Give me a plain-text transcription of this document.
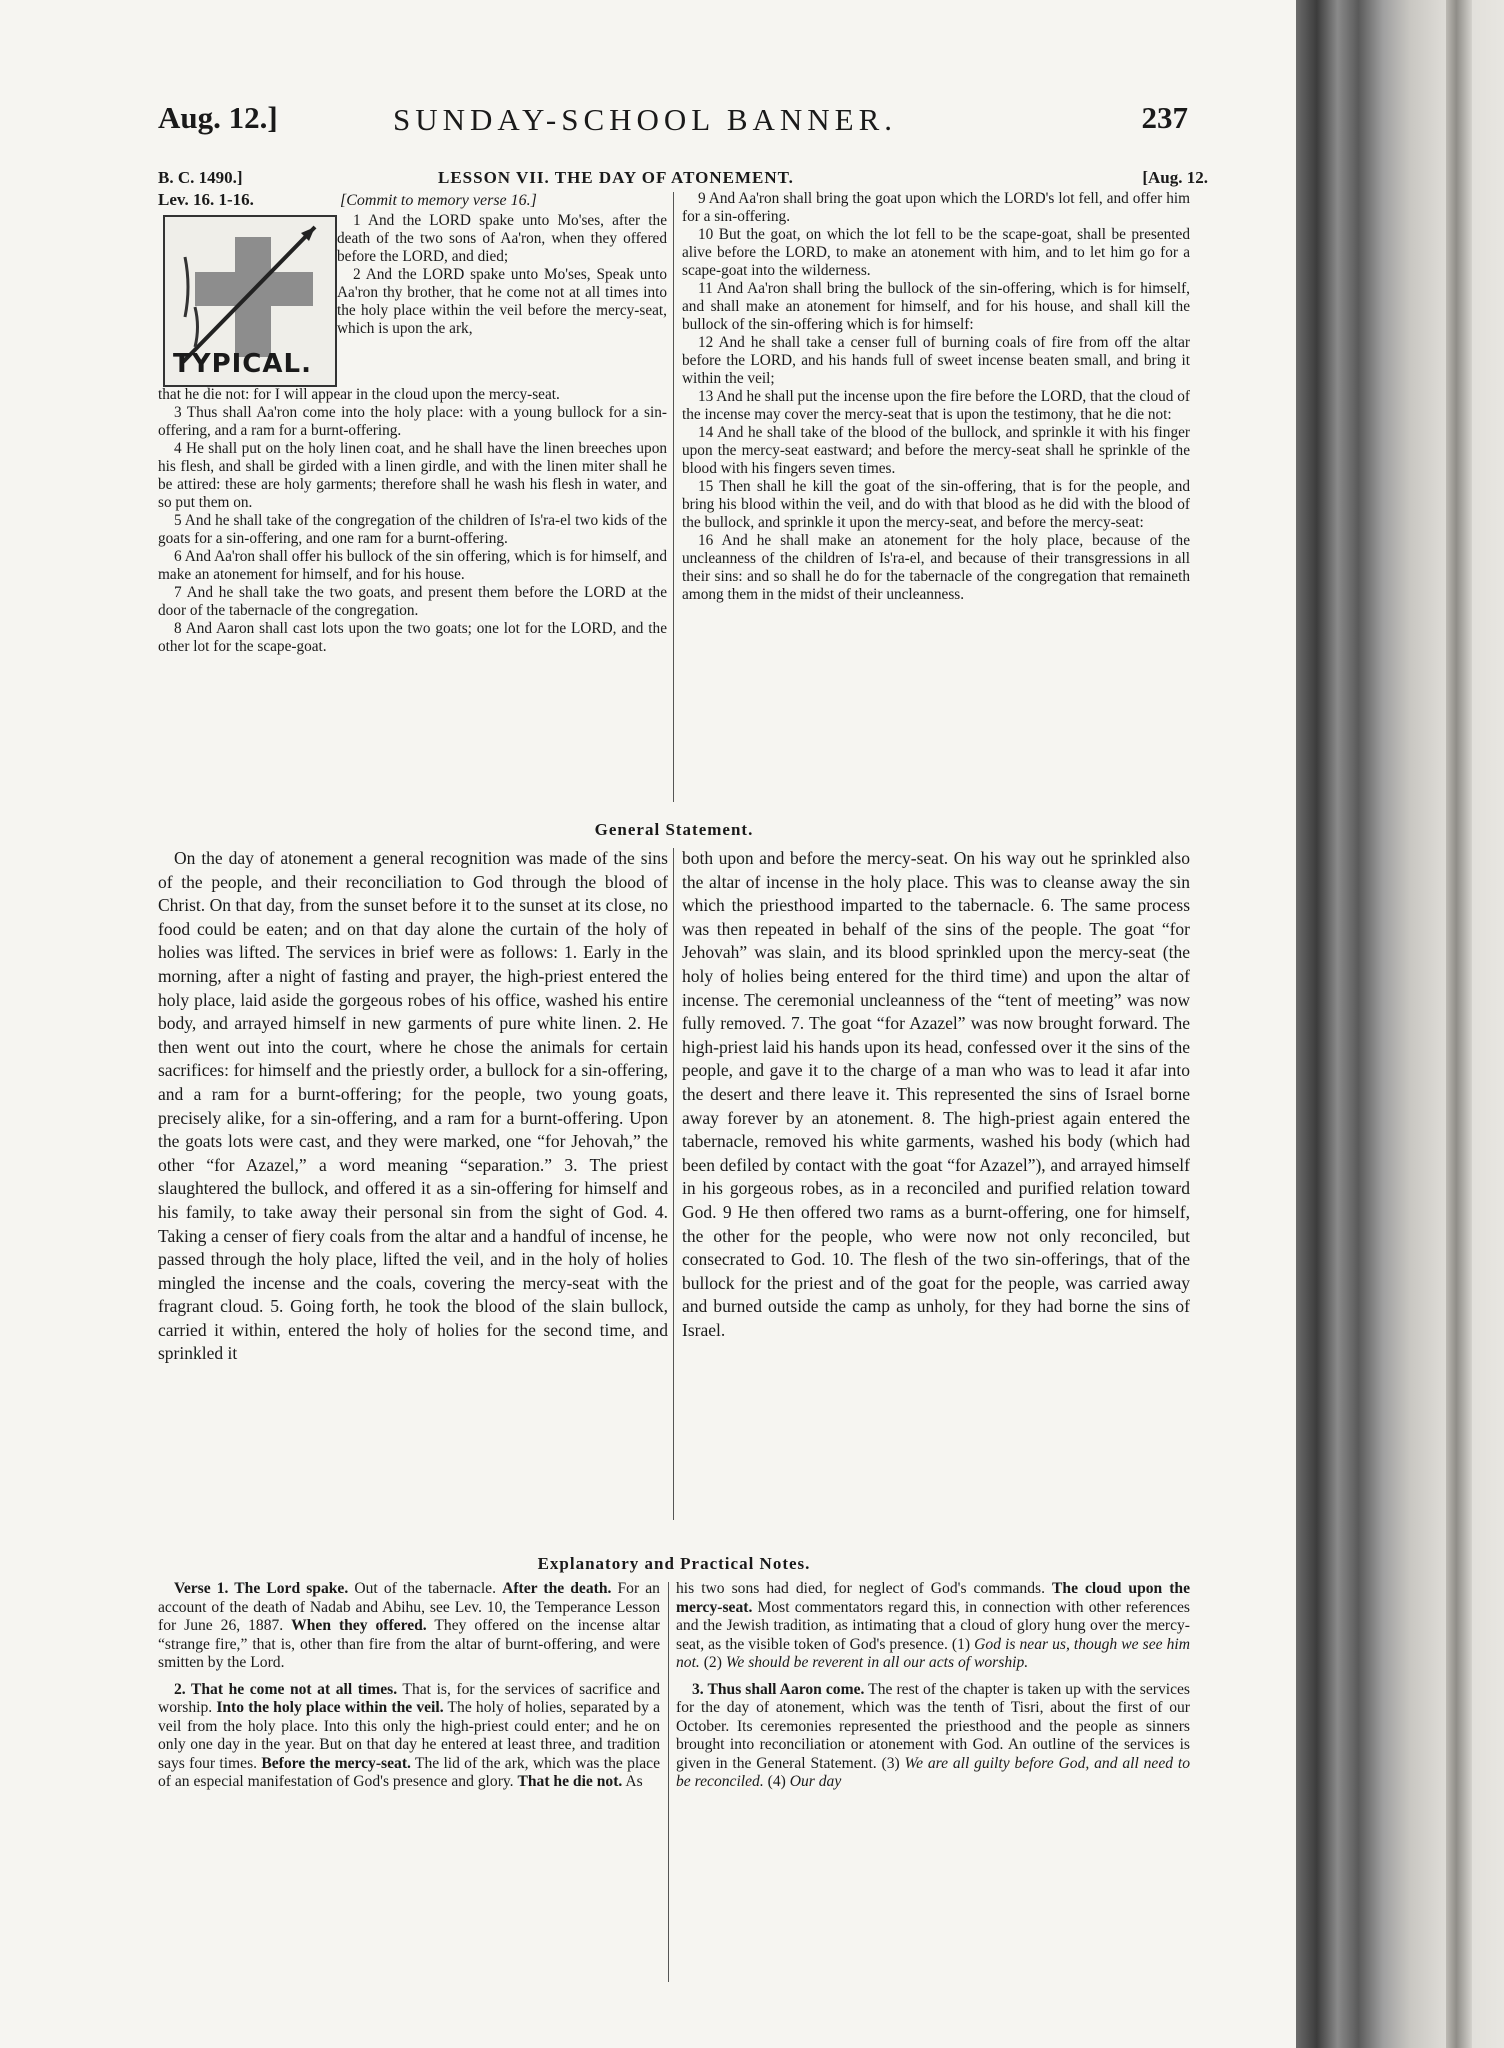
Aug. 12.]	SUNDAY-SCHOOL BANNER.	237
B. C. 1490.]	LESSON VII. THE DAY OF ATONEMENT.	[Aug. 12.
Lev. 16. 1-16.	[Commit to memory verse 16.]
TYPICAL.

1 And the LORD spake unto Mo'ses, after the death of the two sons of Aa'ron, when they offered before the LORD, and died;

2 And the LORD spake unto Mo'ses, Speak unto Aa'ron thy brother, that he come not at all times into the holy place within the veil before the mercy-seat, which is upon the ark,

that he die not: for I will appear in the cloud upon the mercy-seat.

3 Thus shall Aa'ron come into the holy place: with a young bullock for a sin-offering, and a ram for a burnt-offering.

4 He shall put on the holy linen coat, and he shall have the linen breeches upon his flesh, and shall be girded with a linen girdle, and with the linen miter shall he be attired: these are holy garments; therefore shall he wash his flesh in water, and so put them on.

5 And he shall take of the congregation of the children of Is'ra-el two kids of the goats for a sin-offering, and one ram for a burnt-offering.

6 And Aa'ron shall offer his bullock of the sin offering, which is for himself, and make an atonement for himself, and for his house.

7 And he shall take the two goats, and present them before the LORD at the door of the tabernacle of the congregation.

8 And Aaron shall cast lots upon the two goats; one lot for the LORD, and the other lot for the scape-goat.

9 And Aa'ron shall bring the goat upon which the LORD's lot fell, and offer him for a sin-offering.

10 But the goat, on which the lot fell to be the scape-goat, shall be presented alive before the LORD, to make an atonement with him, and to let him go for a scape-goat into the wilderness.

11 And Aa'ron shall bring the bullock of the sin-offering, which is for himself, and shall make an atonement for himself, and for his house, and shall kill the bullock of the sin-offering which is for himself:

12 And he shall take a censer full of burning coals of fire from off the altar before the LORD, and his hands full of sweet incense beaten small, and bring it within the veil;

13 And he shall put the incense upon the fire before the LORD, that the cloud of the incense may cover the mercy-seat that is upon the testimony, that he die not:

14 And he shall take of the blood of the bullock, and sprinkle it with his finger upon the mercy-seat eastward; and before the mercy-seat shall he sprinkle of the blood with his fingers seven times.

15 Then shall he kill the goat of the sin-offering, that is for the people, and bring his blood within the veil, and do with that blood as he did with the blood of the bullock, and sprinkle it upon the mercy-seat, and before the mercy-seat:

16 And he shall make an atonement for the holy place, because of the uncleanness of the children of Is'ra-el, and because of their transgressions in all their sins: and so shall he do for the tabernacle of the congregation that remaineth among them in the midst of their uncleanness.

General Statement.

On the day of atonement a general recognition was made of the sins of the people, and their reconciliation to God through the blood of Christ. On that day, from the sunset before it to the sunset at its close, no food could be eaten; and on that day alone the curtain of the holy of holies was lifted. The services in brief were as follows: 1. Early in the morning, after a night of fasting and prayer, the high-priest entered the holy place, laid aside the gorgeous robes of his office, washed his entire body, and arrayed himself in new garments of pure white linen. 2. He then went out into the court, where he chose the animals for certain sacrifices: for himself and the priestly order, a bullock for a sin-offering, and a ram for a burnt-offering; for the people, two young goats, precisely alike, for a sin-offering, and a ram for a burnt-offering. Upon the goats lots were cast, and they were marked, one “for Jehovah,” the other “for Azazel,” a word meaning “separation.” 3. The priest slaughtered the bullock, and offered it as a sin-offering for himself and his family, to take away their personal sin from the sight of God. 4. Taking a censer of fiery coals from the altar and a handful of incense, he passed through the holy place, lifted the veil, and in the holy of holies mingled the incense and the coals, covering the mercy-seat with the fragrant cloud. 5. Going forth, he took the blood of the slain bullock, carried it within, entered the holy of holies for the second time, and sprinkled it

both upon and before the mercy-seat. On his way out he sprinkled also the altar of incense in the holy place. This was to cleanse away the sin which the priesthood imparted to the tabernacle. 6. The same process was then repeated in behalf of the sins of the people. The goat “for Jehovah” was slain, and its blood sprinkled upon the mercy-seat (the holy of holies being entered for the third time) and upon the altar of incense. The ceremonial uncleanness of the “tent of meeting” was now fully removed. 7. The goat “for Azazel” was now brought forward. The high-priest laid his hands upon its head, confessed over it the sins of the people, and gave it to the charge of a man who was to lead it afar into the desert and there leave it. This represented the sins of Israel borne away forever by an atonement. 8. The high-priest again entered the tabernacle, removed his white garments, washed his body (which had been defiled by contact with the goat “for Azazel”), and arrayed himself in his gorgeous robes, as in a reconciled and purified relation toward God. 9 He then offered two rams as a burnt-offering, one for himself, the other for the people, who were now not only reconciled, but consecrated to God. 10. The flesh of the two sin-offerings, that of the bullock for the priest and of the goat for the people, was carried away and burned outside the camp as unholy, for they had borne the sins of Israel.

Explanatory and Practical Notes.

Verse 1. The Lord spake. Out of the tabernacle. After the death. For an account of the death of Nadab and Abihu, see Lev. 10, the Temperance Lesson for June 26, 1887. When they offered. They offered on the incense altar “strange fire,” that is, other than fire from the altar of burnt-offering, and were smitten by the Lord.

2. That he come not at all times. That is, for the services of sacrifice and worship. Into the holy place within the veil. The holy of holies, separated by a veil from the holy place. Into this only the high-priest could enter; and he on only one day in the year. But on that day he entered at least three, and tradition says four times. Before the mercy-seat. The lid of the ark, which was the place of an especial manifestation of God's presence and glory. That he die not. As

his two sons had died, for neglect of God's commands. The cloud upon the mercy-seat. Most commentators regard this, in connection with other references and the Jewish tradition, as intimating that a cloud of glory hung over the mercy-seat, as the visible token of God's presence. (1) God is near us, though we see him not. (2) We should be reverent in all our acts of worship.

3. Thus shall Aaron come. The rest of the chapter is taken up with the services for the day of atonement, which was the tenth of Tisri, about the first of our October. Its ceremonies represented the priesthood and the people as sinners brought into reconciliation or atonement with God. An outline of the services is given in the General Statement. (3) We are all guilty before God, and all need to be reconciled. (4) Our day
